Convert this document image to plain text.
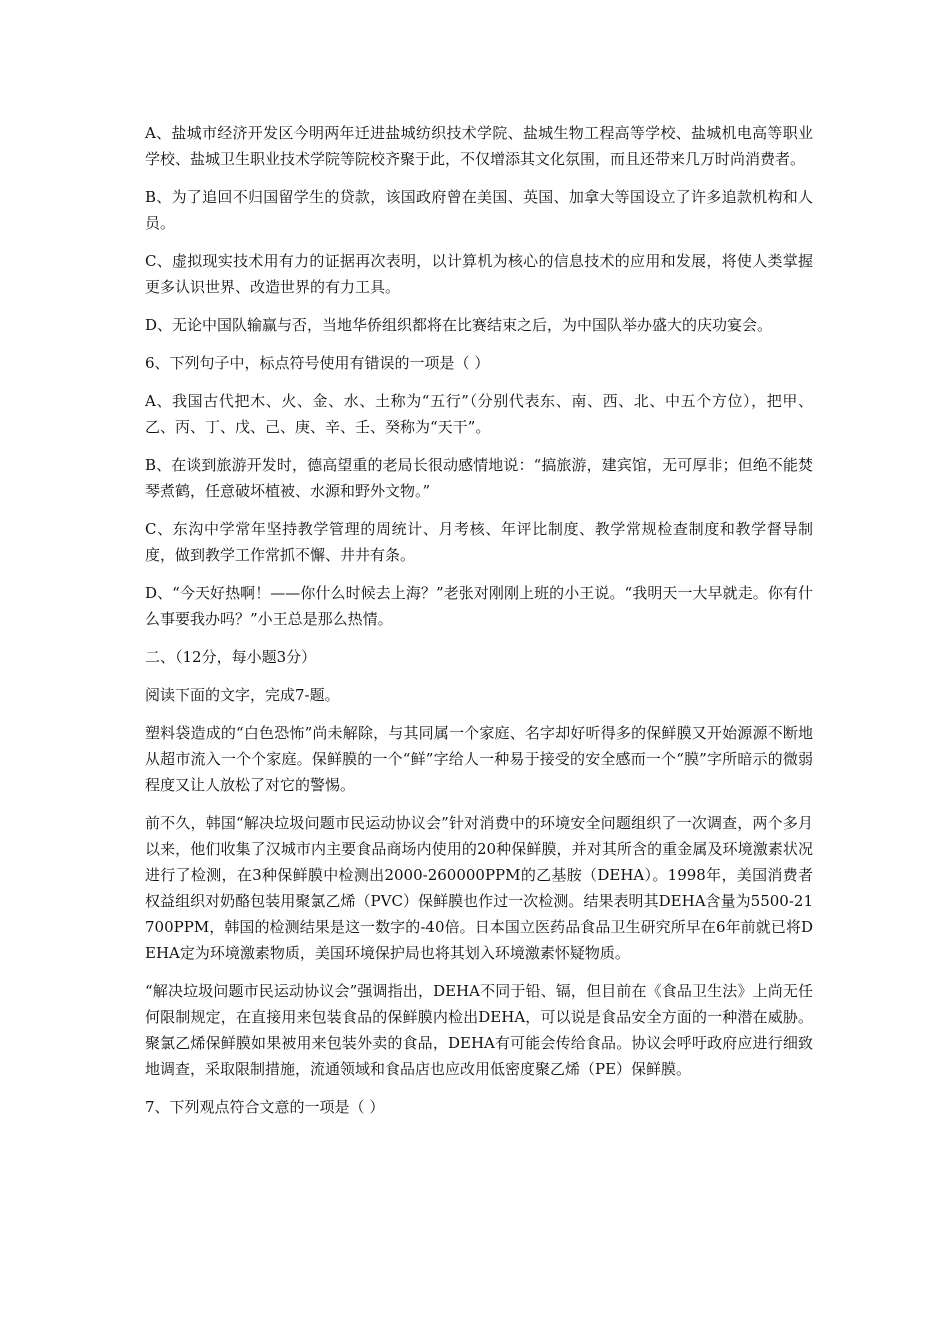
A、盐城市经济开发区今明两年迁进盐城纺织技术学院、盐城生物工程高等学校、盐城机电高等职业学校、盐城卫生职业技术学院等院校齐聚于此，不仅增添其文化氛围，而且还带来几万时尚消费者。

B、为了追回不归国留学生的贷款，该国政府曾在美国、英国、加拿大等国设立了许多追款机构和人员。

C、虚拟现实技术用有力的证据再次表明，以计算机为核心的信息技术的应用和发展，将使人类掌握更多认识世界、改造世界的有力工具。

D、无论中国队输赢与否，当地华侨组织都将在比赛结束之后，为中国队举办盛大的庆功宴会。

6、下列句子中，标点符号使用有错误的一项是（ ）

A、我国古代把木、火、金、水、土称为“五行”（分别代表东、南、西、北、中五个方位），把甲、乙、丙、丁、戊、己、庚、辛、壬、癸称为“天干”。

B、在谈到旅游开发时，德高望重的老局长很动感情地说：“搞旅游，建宾馆，无可厚非；但绝不能焚琴煮鹤，任意破坏植被、水源和野外文物。”

C、东沟中学常年坚持教学管理的周统计、月考核、年评比制度、教学常规检查制度和教学督导制度，做到教学工作常抓不懈、井井有条。

D、“今天好热啊！——你什么时候去上海？”老张对刚刚上班的小王说。“我明天一大早就走。你有什么事要我办吗？”小王总是那么热情。

二、（12分，每小题3分）

阅读下面的文字，完成7-题。

塑料袋造成的“白色恐怖”尚未解除，与其同属一个家庭、名字却好听得多的保鲜膜又开始源源不断地从超市流入一个个家庭。保鲜膜的一个“鲜”字给人一种易于接受的安全感而一个“膜”字所暗示的微弱程度又让人放松了对它的警惕。

前不久，韩国“解决垃圾问题市民运动协议会”针对消费中的环境安全问题组织了一次调查，两个多月以来，他们收集了汉城市内主要食品商场内使用的20种保鲜膜，并对其所含的重金属及环境激素状况进行了检测，在3种保鲜膜中检测出2000-260000PPM的乙基胺（DEHA）。1998年，美国消费者权益组织对奶酪包装用聚氯乙烯（PVC）保鲜膜也作过一次检测。结果表明其DEHA含量为5500-21700PPM，韩国的检测结果是这一数字的-40倍。日本国立医药品食品卫生研究所早在6年前就已将DEHA定为环境激素物质，美国环境保护局也将其划入环境激素怀疑物质。

“解决垃圾问题市民运动协议会”强调指出，DEHA不同于铅、镉，但目前在《食品卫生法》上尚无任何限制规定，在直接用来包装食品的保鲜膜内检出DEHA，可以说是食品安全方面的一种潜在威胁。聚氯乙烯保鲜膜如果被用来包装外卖的食品，DEHA有可能会传给食品。协议会呼吁政府应进行细致地调查，采取限制措施，流通领域和食品店也应改用低密度聚乙烯（PE）保鲜膜。

7、下列观点符合文意的一项是（ ）
